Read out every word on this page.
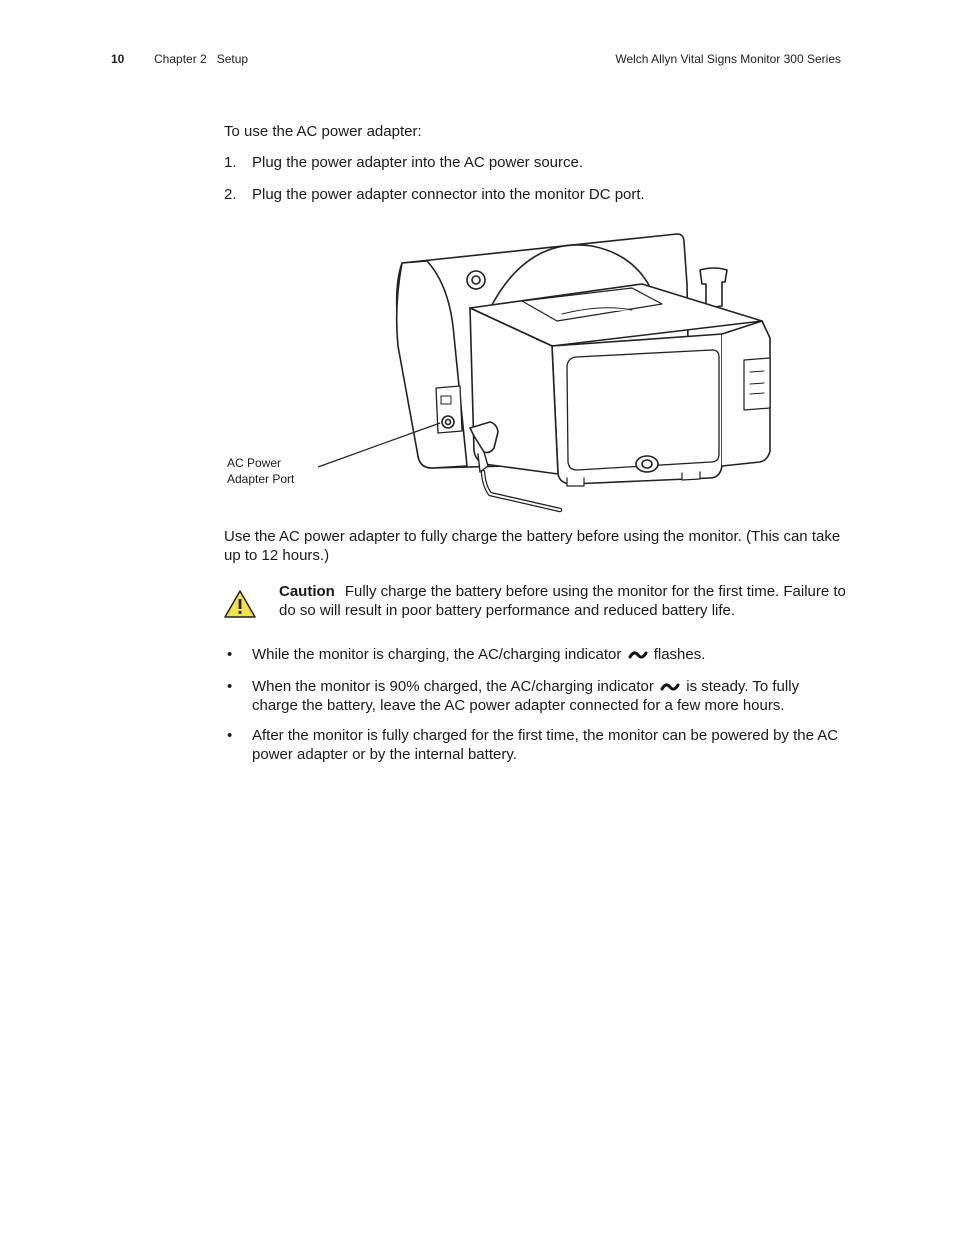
10 Chapter 2   Setup	Welch Allyn Vital Signs Monitor 300 Series
To use the AC power adapter:
1. Plug the power adapter into the AC power source.
2. Plug the power adapter connector into the monitor DC port.
AC Power
Adapter Port
Use the AC power adapter to fully charge the battery before using the monitor. (This can take up to 12 hours.)
Caution Fully charge the battery before using the monitor for the first time. Failure to do so will result in poor battery performance and reduced battery life.
• While the monitor is charging, the AC/charging indicator flashes.
• When the monitor is 90% charged, the AC/charging indicator is steady. To fully charge the battery, leave the AC power adapter connected for a few more hours.
• After the monitor is fully charged for the first time, the monitor can be powered by the AC power adapter or by the internal battery.
